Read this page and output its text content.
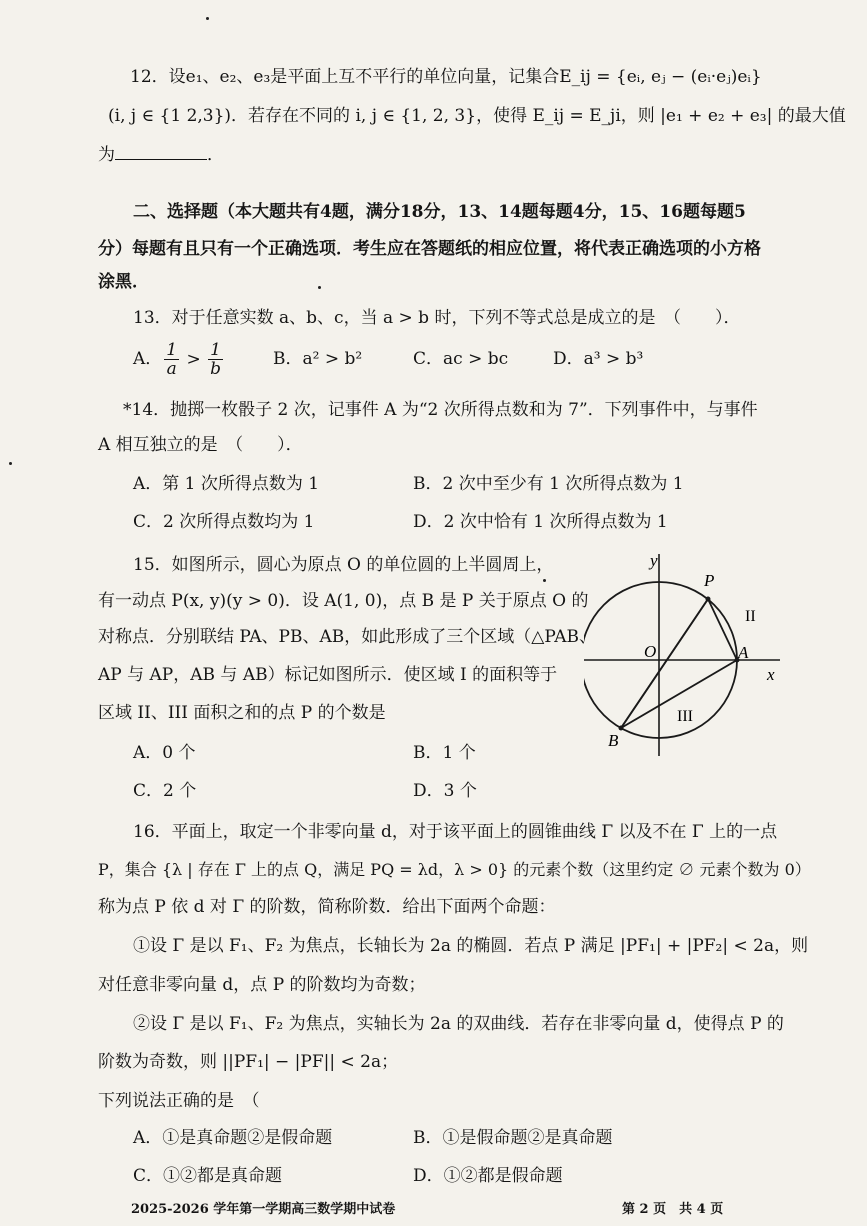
12．设e₁、e₂、e₃是平面上互不平行的单位向量，记集合E_ij = {eᵢ, eⱼ − (eᵢ·eⱼ)eᵢ}
(i, j ∈ {1 2,3})．若存在不同的 i, j ∈ {1, 2, 3}，使得 E_ij = E_ji，则 |e₁ + e₂ + e₃| 的最大值
为	．
二、选择题（本大题共有4题，满分18分，13、14题每题4分，15、16题每题5
分）每题有且只有一个正确选项．考生应在答题纸的相应位置，将代表正确选项的小方格
涂黑．
13．对于任意实数 a、b、c，当 a > b 时，下列不等式总是成立的是　（　　）．
A． $\frac{1}{a} > \frac{1}{b}$	B．a² > b²	C．ac > bc	D．a³ > b³
*14．抛掷一枚骰子 2 次，记事件 A 为“2 次所得点数和为 7”．下列事件中，与事件
A 相互独立的是　（　　）．
A．第 1 次所得点数为 1	B．2 次中至少有 1 次所得点数为 1
C．2 次所得点数均为 1	D．2 次中恰有 1 次所得点数为 1
15．如图所示，圆心为原点 O 的单位圆的上半圆周上，
有一动点 P(x, y)(y > 0)．设 A(1, 0)，点 B 是 P 关于原点 O 的
对称点．分别联结 PA、PB、AB，如此形成了三个区域（△PAB、
AP 与 AP，AB 与 AB）标记如图所示．使区域 I 的面积等于
区域 II、III 面积之和的点 P 的个数是
A．0 个	B．1 个
C．2 个	D．3 个
y
x
P
O	A
B
II
III
16．平面上，取定一个非零向量 d，对于该平面上的圆锥曲线 Γ 以及不在 Γ 上的一点
P，集合 {λ | 存在 Γ 上的点 Q，满足 PQ = λd，λ > 0} 的元素个数（这里约定 ∅ 元素个数为 0）
称为点 P 依 d 对 Γ 的阶数，简称阶数．给出下面两个命题：
①设 Γ 是以 F₁、F₂ 为焦点，长轴长为 2a 的椭圆．若点 P 满足 |PF₁| + |PF₂| < 2a，则
对任意非零向量 d，点 P 的阶数均为奇数；
②设 Γ 是以 F₁、F₂ 为焦点，实轴长为 2a 的双曲线．若存在非零向量 d，使得点 P 的
阶数为奇数，则 ||PF₁| − |PF|| < 2a；
下列说法正确的是　（
A．①是真命题②是假命题	B．①是假命题②是真命题
C．①②都是真命题	D．①②都是假命题
2025-2026 学年第一学期高三数学期中试卷	第 2 页　共 4 页
